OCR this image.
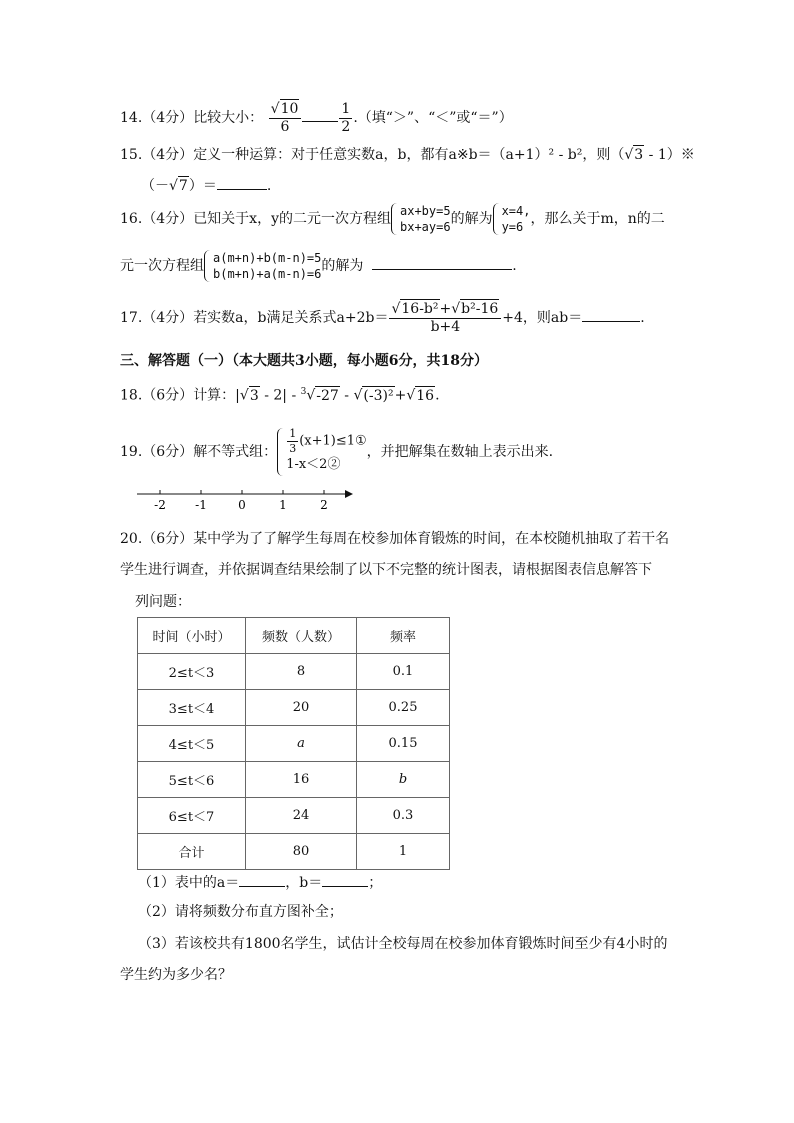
14.（4分）比较大小： $\frac{√10}{6}$	$\frac{1}{2}$ .（填“＞”、“＜”或“＝”）
15.（4分）定义一种运算：对于任意实数a，b，都有a※b＝（a+1）² - b²，则（√3 - 1）※
（－√7）＝	.
16.（4分）已知关于x，y的二元一次方程组 ax+by=5
bx+ay=6 的解为 x=4,
y=6 ，那么关于m，n的二
元一次方程组 a(m+n)+b(m-n)=5
b(m+n)+a(m-n)=6 的解为	.
17.（4分）若实数a，b满足关系式$a+2b= \frac{\text{√16-b²+√b²-16}}{b+4} +4$，则ab＝	.
三、解答题（一）（本大题共3小题，每小题6分，共18分）
18.（6分）计算：|√3 - 2| - $^3$√-27 - √(-3)²+√16.
19.（6分）解不等式组： $\frac{1}{3}$ (x+1)≤1①
1-x＜2②
，并把解集在数轴上表示出来.
-2 -1	0	1	2
20.（6分）某中学为了了解学生每周在校参加体育锻炼的时间，在本校随机抽取了若干名
学生进行调查，并依据调查结果绘制了以下不完整的统计图表，请根据图表信息解答下
列问题：
时间（小时）	频数（人数）	频率
2≤t＜3	8	0.1
3≤t＜4	20	0.25
4≤t＜5	a	0.15
5≤t＜6	16	b
6≤t＜7	24	0.3
合计	80	1
（1）表中的a＝	，b＝	；
（2）请将频数分布直方图补全；
（3）若该校共有1800名学生，试估计全校每周在校参加体育锻炼时间至少有4小时的
学生约为多少名？
